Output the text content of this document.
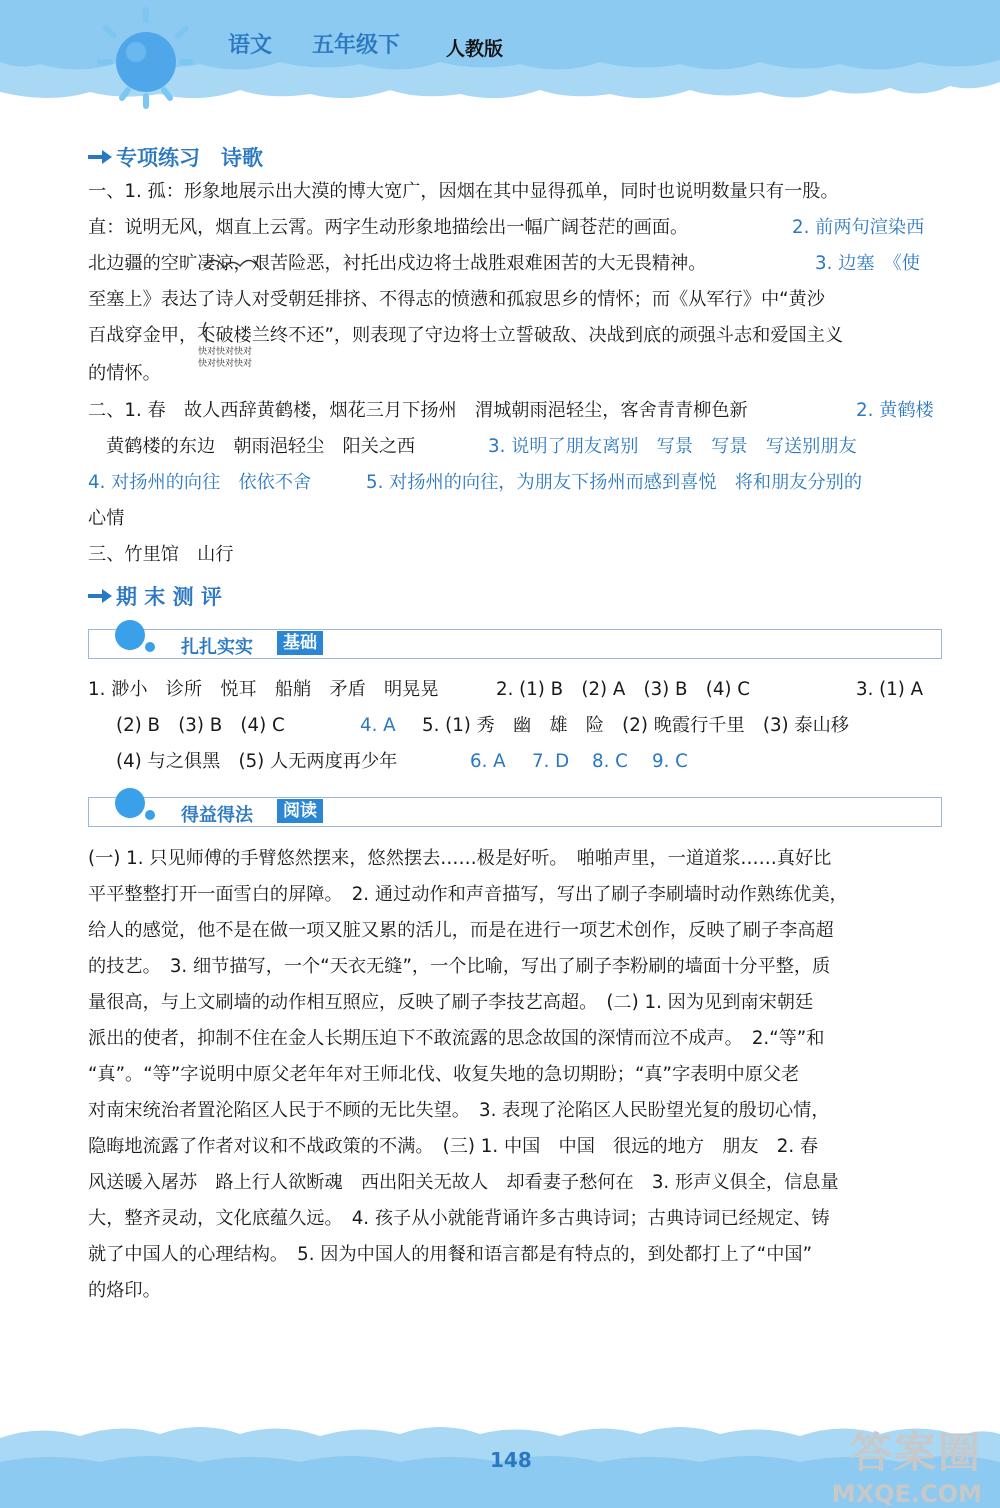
语文 五年级下 人教版
专项练习　诗歌
一、1. 孤：形象地展示出大漠的博大宽广，因烟在其中显得孤单，同时也说明数量只有一股。
直：说明无风，烟直上云霄。两字生动形象地描绘出一幅广阔苍茫的画面。	2. 前两句渲染西
北边疆的空旷凄凉，艰苦险恶，衬托出戍边将士战胜艰难困苦的大无畏精神。	3. 边塞　《使
至塞上》表达了诗人对受朝廷排挤、不得志的愤懑和孤寂思乡的情怀；而《从军行》中“黄沙
百战穿金甲，不破楼兰终不还”，则表现了守边将士立誓破敌、决战到底的顽强斗志和爱国主义
的情怀。
快对快对快对
快对快对快对
二、1. 春　故人西辞黄鹤楼，烟花三月下扬州　渭城朝雨浥轻尘，客舍青青柳色新	2. 黄鹤楼
黄鹤楼的东边　朝雨浥轻尘　阳关之西	3. 说明了朋友离别　写景　写景　写送别朋友
4. 对扬州的向往　依依不舍	5. 对扬州的向往，为朋友下扬州而感到喜悦　将和朋友分别的
心情
三、竹里馆　山行
期 末 测 评
扎扎实实	基础
1. 渺小　诊所　悦耳　船艄　矛盾　明晃晃	2. (1) B　(2) A　(3) B　(4) C	3. (1) A
(2) B　(3) B　(4) C	4. A 5. (1) 秀　幽　雄　险　(2) 晚霞行千里　(3) 泰山移
(4) 与之俱黑　(5) 人无两度再少年	6. A 7. D 8. C 9. C
得益得法	阅读
(一) 1. 只见师傅的手臂悠然摆来，悠然摆去……极是好听。　啪啪声里，一道道浆……真好比
平平整整打开一面雪白的屏障。　2. 通过动作和声音描写，写出了刷子李刷墙时动作熟练优美，
给人的感觉，他不是在做一项又脏又累的活儿，而是在进行一项艺术创作，反映了刷子李高超
的技艺。　3. 细节描写，一个“天衣无缝”，一个比喻，写出了刷子李粉刷的墙面十分平整，质
量很高，与上文刷墙的动作相互照应，反映了刷子李技艺高超。　(二) 1. 因为见到南宋朝廷
派出的使者，抑制不住在金人长期压迫下不敢流露的思念故国的深情而泣不成声。　2.“等”和
“真”。“等”字说明中原父老年年对王师北伐、收复失地的急切期盼；“真”字表明中原父老
对南宋统治者置沦陷区人民于不顾的无比失望。　3. 表现了沦陷区人民盼望光复的殷切心情，
隐晦地流露了作者对议和不战政策的不满。　(三) 1. 中国　中国　很远的地方　朋友　2. 春
风送暖入屠苏　路上行人欲断魂　西出阳关无故人　却看妻子愁何在　3. 形声义俱全，信息量
大，整齐灵动，文化底蕴久远。　4. 孩子从小就能背诵许多古典诗词；古典诗词已经规定、铸
就了中国人的心理结构。　5. 因为中国人的用餐和语言都是有特点的，到处都打上了“中国”
的烙印。
148	答案圈
MXQE.COM
